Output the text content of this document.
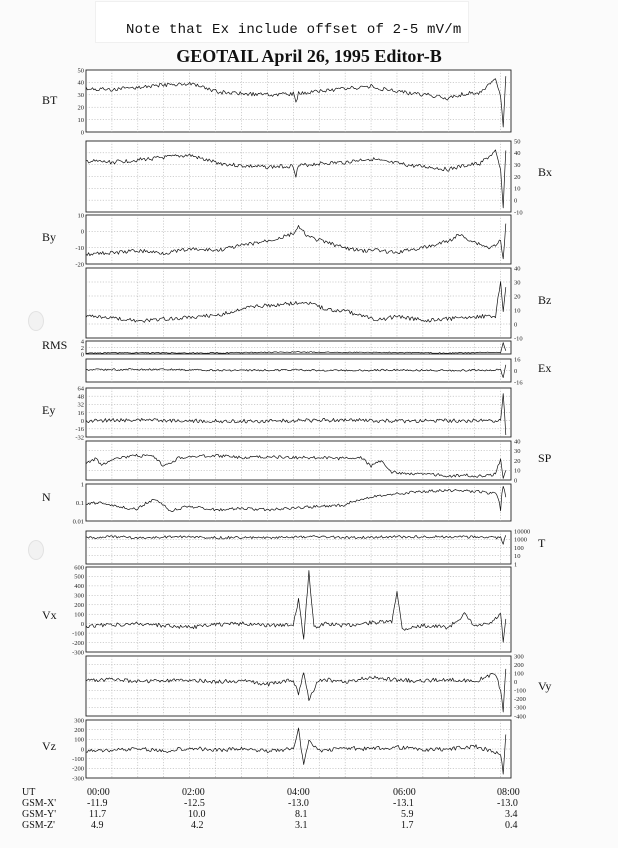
Note that Ex include offset of 2-5 mV/m
GEOTAIL April 26, 1995 Editor-B
50
40
30
20
10
0
BT
50
40
30
20
10
0
-10
Bx
10
0
-10
-20
By
40
30
20
10
0
-10
Bz
4
2
0
RMS
16
0
-16
Ex
64
48
32
16
0
-16
-32
Ey
40
30
20
10
0
SP
1
0.1
0.01
N
10000
1000
100
10
1
T
600
500
400
300
200
100
0
-100
-200
-300
Vx
300
200
100
0
-100
-200
-300
-400
Vy
300
200
100
0
-100
-200
-300
Vz
UT
GSM-X'
GSM-Y'
GSM-Z'
00:00
-11.9
11.7
4.9
02:00
-12.5
10.0
4.2
04:00
-13.0
8.1
3.1
06:00
-13.1
5.9
1.7
08:00
-13.0
3.4
0.4
